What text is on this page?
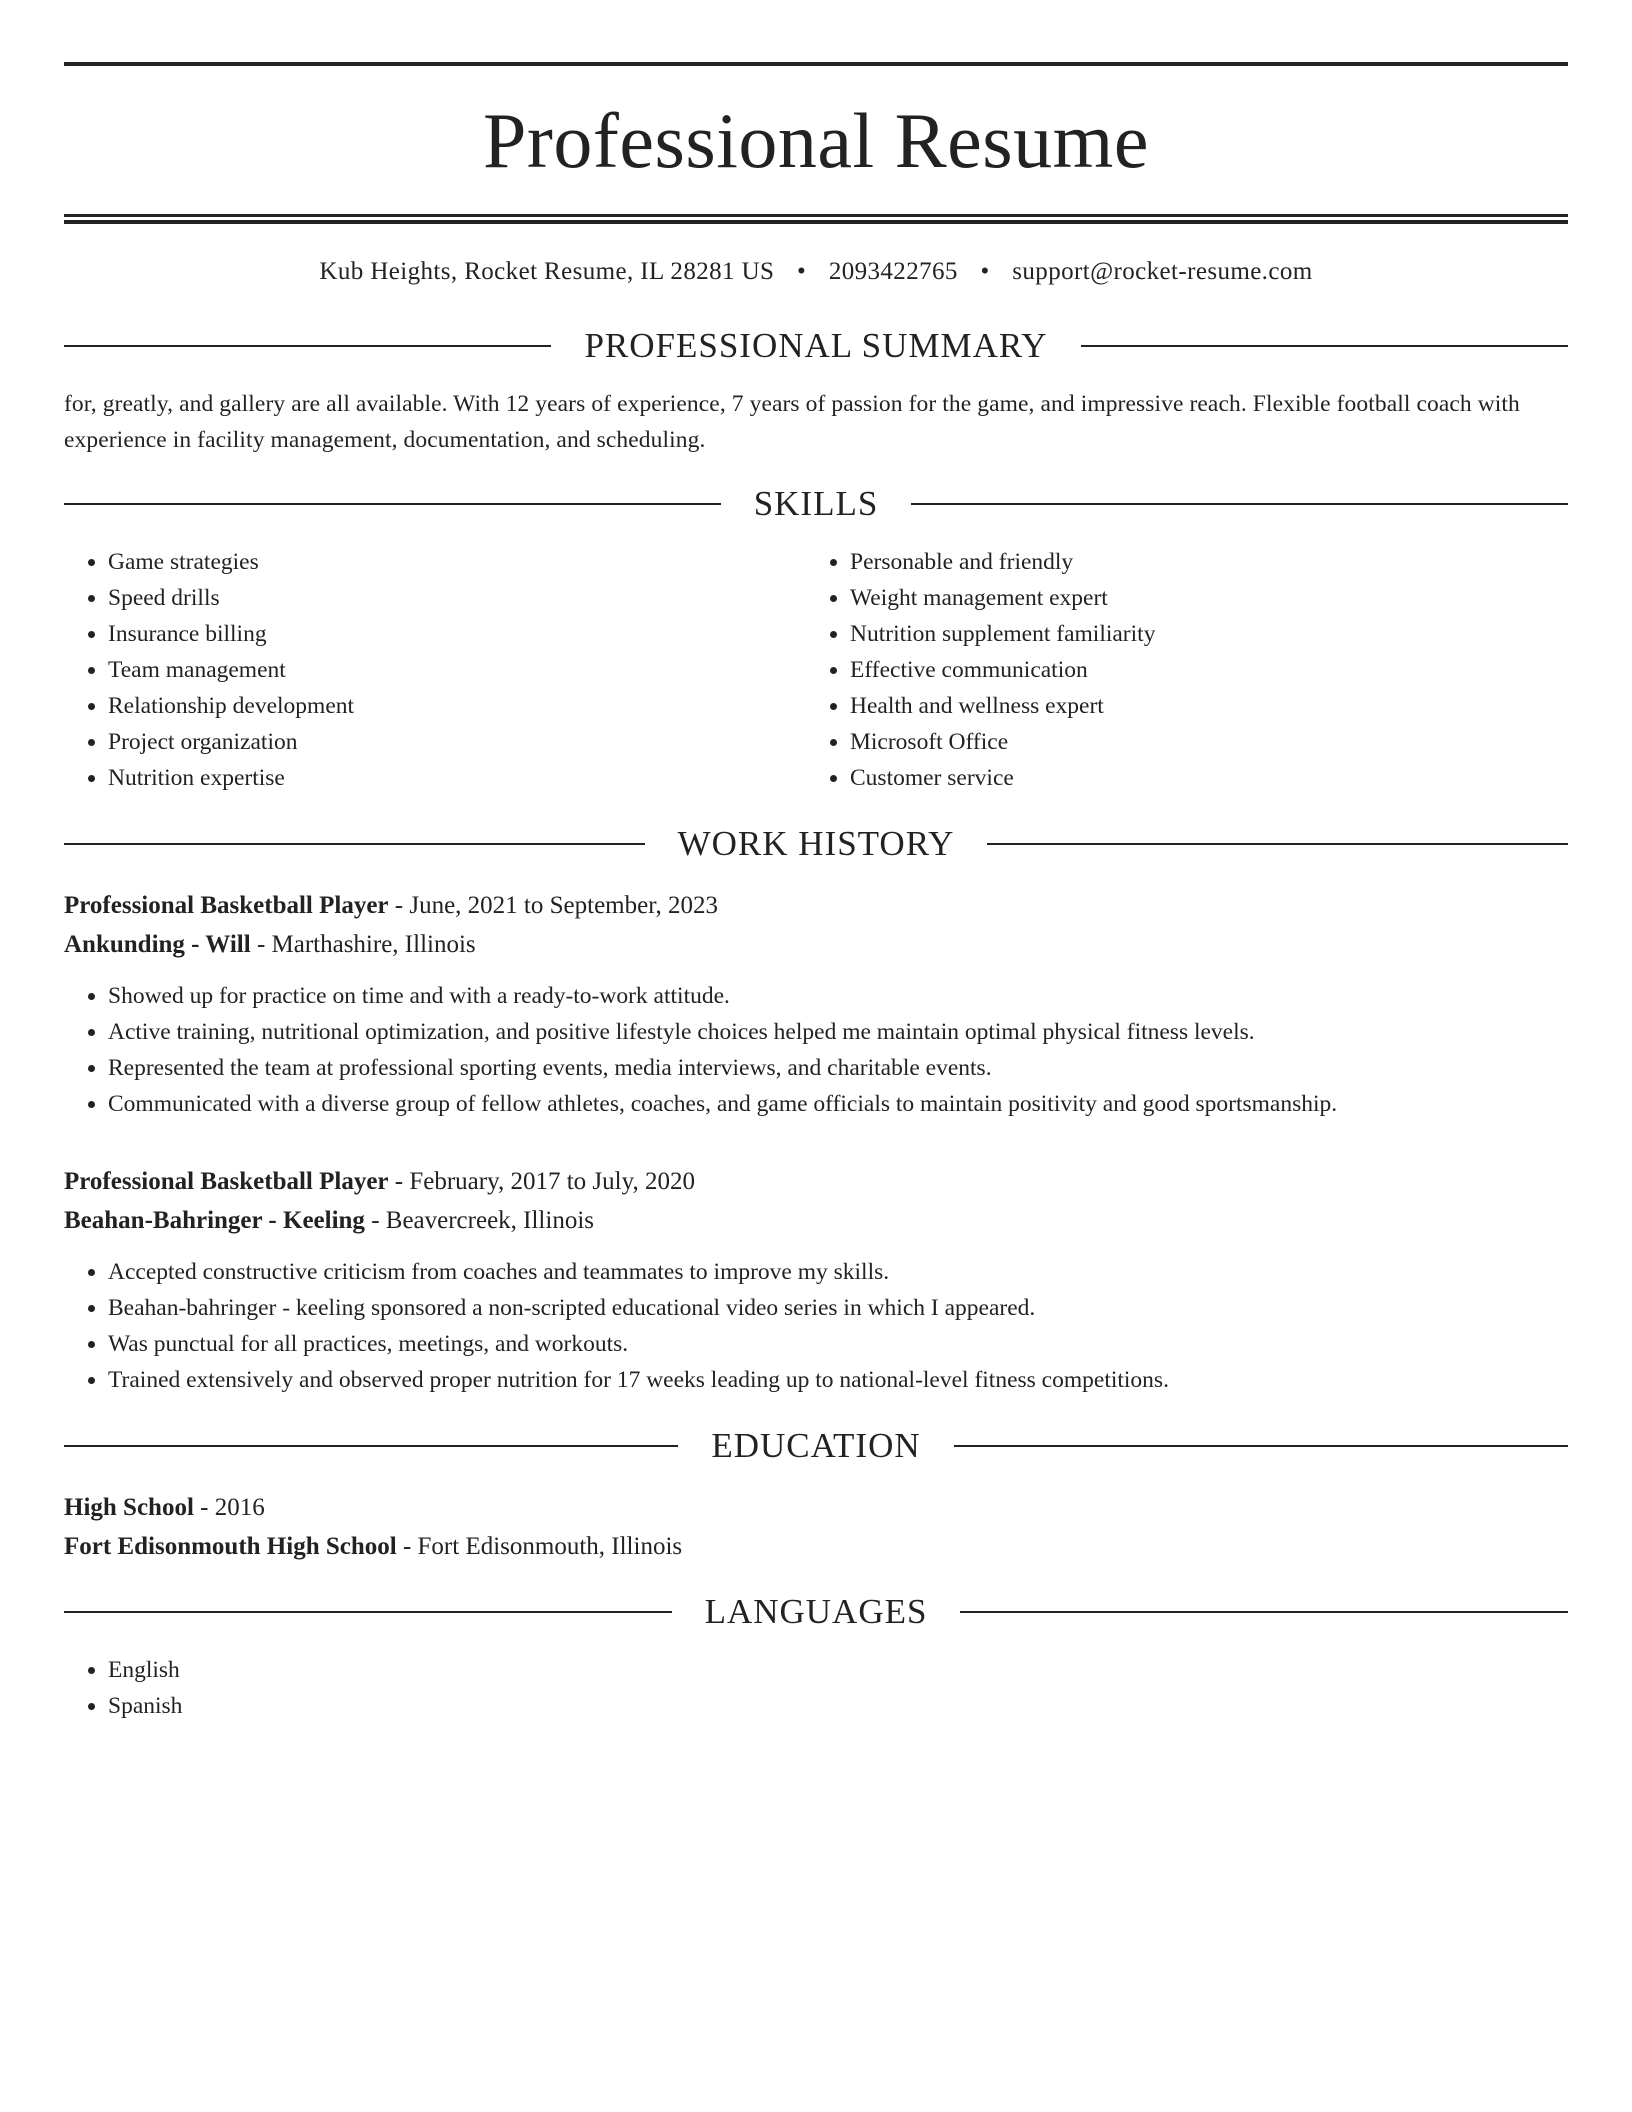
Professional Resume
Kub Heights, Rocket Resume, IL 28281 US • 2093422765 • support@rocket-resume.com
PROFESSIONAL SUMMARY

for, greatly, and gallery are all available. With 12 years of experience, 7 years of passion for the game, and impressive reach. Flexible football coach with experience in facility management, documentation, and scheduling.

SKILLS
• Game strategies
• Speed drills
• Insurance billing
• Team management
• Relationship development
• Project organization
• Nutrition expertise
• Personable and friendly
• Weight management expert
• Nutrition supplement familiarity
• Effective communication
• Health and wellness expert
• Microsoft Office
• Customer service
WORK HISTORY
Professional Basketball Player - June, 2021 to September, 2023
Ankunding - Will - Marthashire, Illinois
• Showed up for practice on time and with a ready-to-work attitude.
• Active training, nutritional optimization, and positive lifestyle choices helped me maintain optimal physical fitness levels.
• Represented the team at professional sporting events, media interviews, and charitable events.
• Communicated with a diverse group of fellow athletes, coaches, and game officials to maintain positivity and good sportsmanship.
Professional Basketball Player - February, 2017 to July, 2020
Beahan-Bahringer - Keeling - Beavercreek, Illinois
• Accepted constructive criticism from coaches and teammates to improve my skills.
• Beahan-bahringer - keeling sponsored a non-scripted educational video series in which I appeared.
• Was punctual for all practices, meetings, and workouts.
• Trained extensively and observed proper nutrition for 17 weeks leading up to national-level fitness competitions.
EDUCATION
High School - 2016
Fort Edisonmouth High School - Fort Edisonmouth, Illinois
LANGUAGES
• English
• Spanish
